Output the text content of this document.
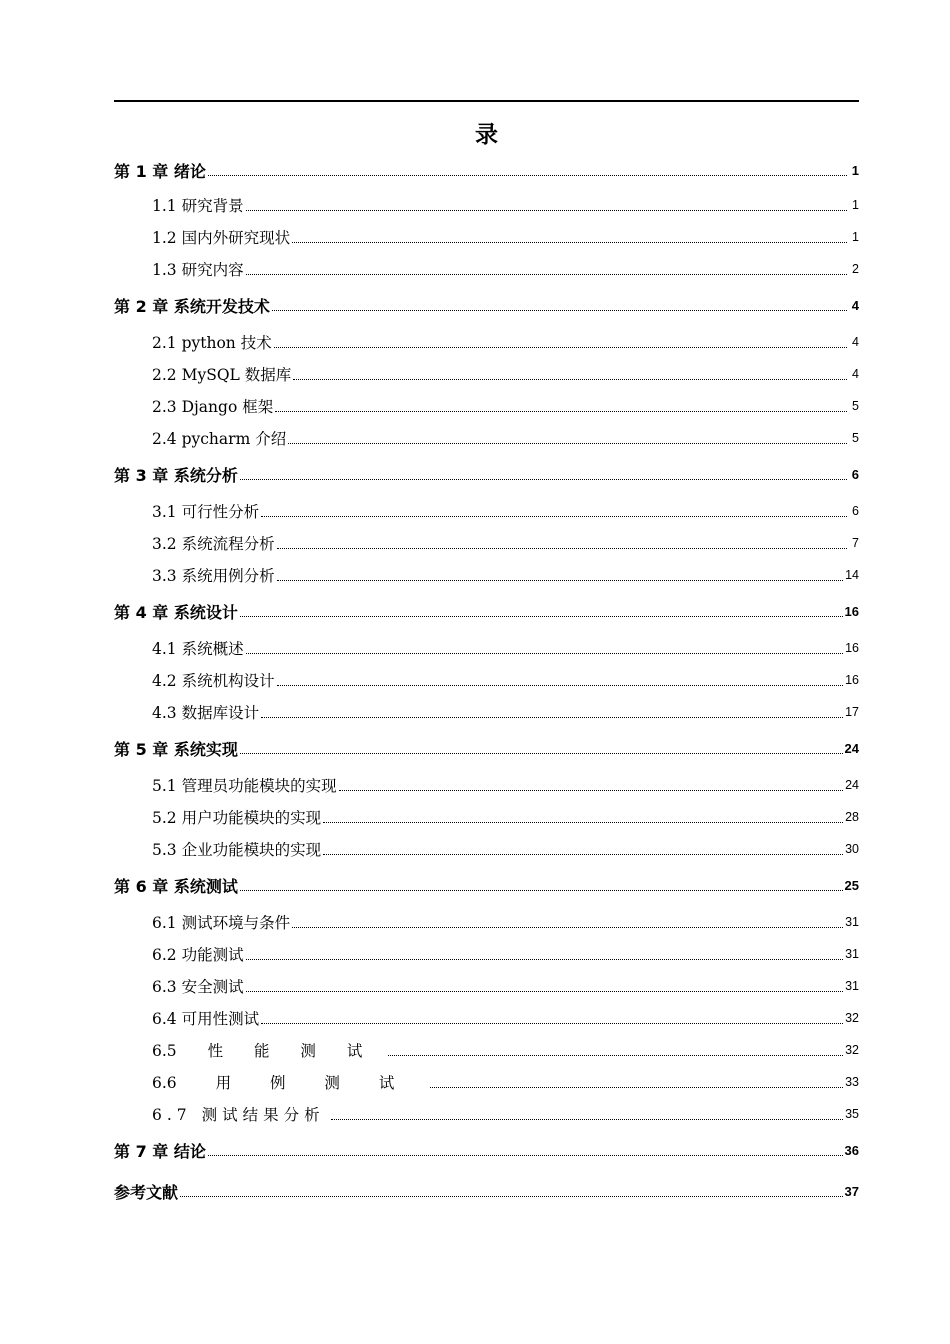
录
第 1 章 绪论	1
1.1 研究背景	1
1.2 国内外研究现状	1
1.3 研究内容	2
第 2 章 系统开发技术	4
2.1 python 技术	4
2.2 MySQL 数据库	4
2.3 Django 框架	5
2.4 pycharm 介绍	5
第 3 章 系统分析	6
3.1 可行性分析	6
3.2 系统流程分析	7
3.3 系统用例分析	14
第 4 章 系统设计	16
4.1 系统概述	16
4.2 系统机构设计	16
4.3 数据库设计	17
第 5 章 系统实现	24
5.1 管理员功能模块的实现	24
5.2 用户功能模块的实现	28
5.3 企业功能模块的实现	30
第 6 章 系统测试	25
6.1 测试环境与条件	31
6.2 功能测试	31
6.3 安全测试	31
6.4 可用性测试	32
6.5 性 能 测 试	32
6.6 用 例 测 试	33
6.7 测试结果分析	35
第 7 章 结论	36
参考文献	37
